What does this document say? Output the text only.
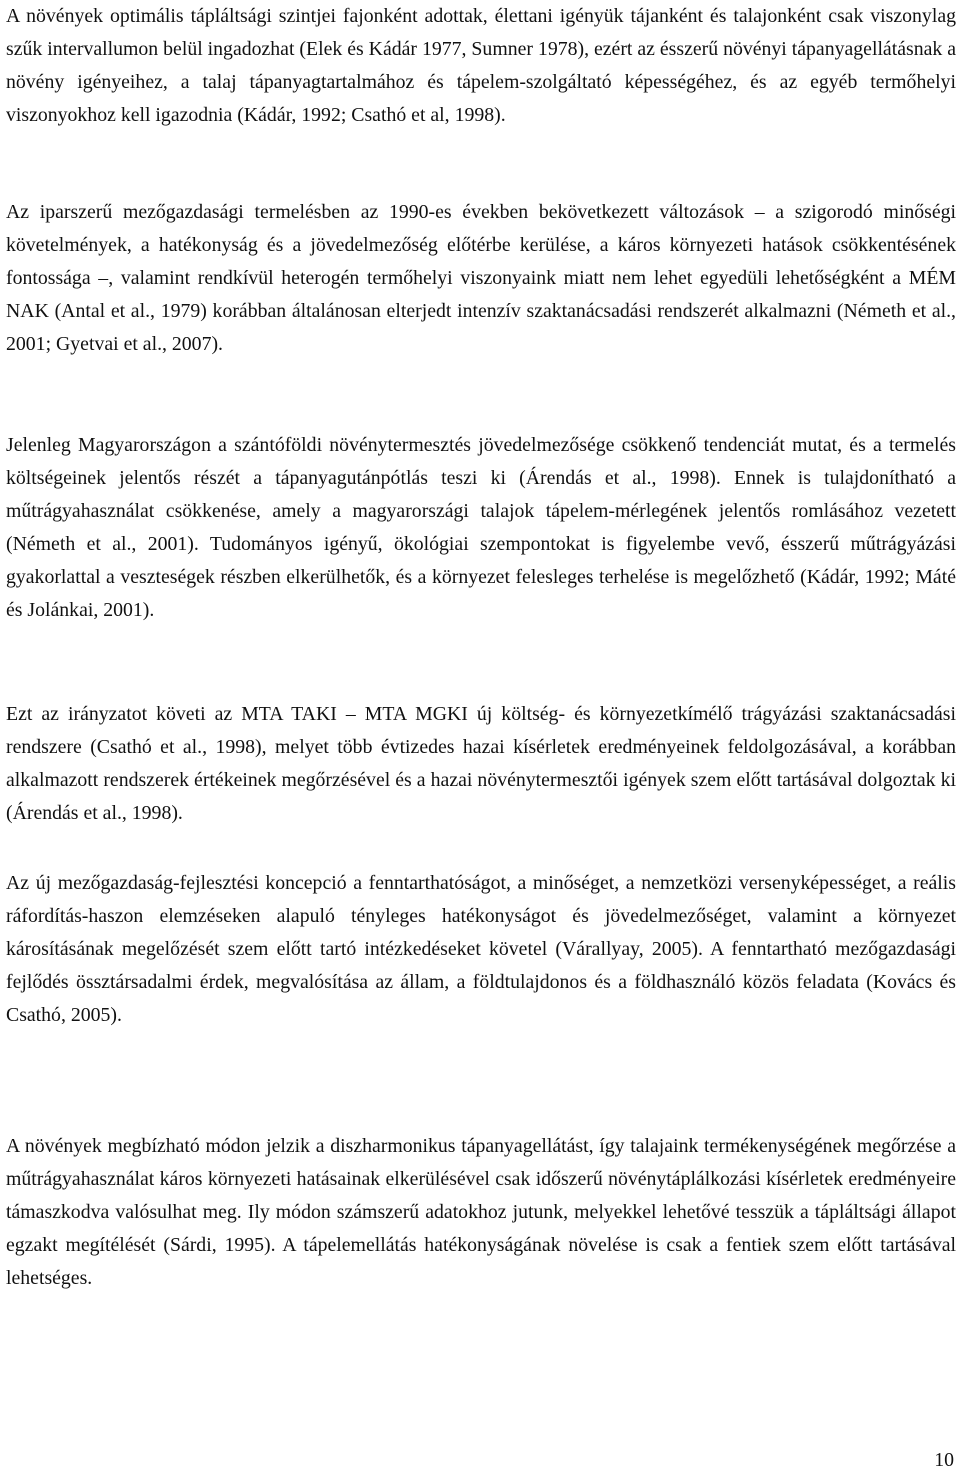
A növények optimális tápláltsági szintjei fajonként adottak, élettani igényük tájanként és talajonként csak viszonylag szűk intervallumon belül ingadozhat (Elek és Kádár 1977, Sumner 1978), ezért az ésszerű növényi tápanyagellátásnak a növény igényeihez, a talaj tápanyagtartalmához és tápelem-szolgáltató képességéhez, és az egyéb termőhelyi viszonyokhoz kell igazodnia (Kádár, 1992; Csathó et al, 1998).

Az iparszerű mezőgazdasági termelésben az 1990-es években bekövetkezett változások – a szigorodó minőségi követelmények, a hatékonyság és a jövedelmezőség előtérbe kerülése, a káros környezeti hatások csökkentésének fontossága –, valamint rendkívül heterogén termőhelyi viszonyaink miatt nem lehet egyedüli lehetőségként a MÉM NAK (Antal et al., 1979) korábban általánosan elterjedt intenzív szaktanácsadási rendszerét alkalmazni (Németh et al., 2001; Gyetvai et al., 2007).

Jelenleg Magyarországon a szántóföldi növénytermesztés jövedelmezősége csökkenő tendenciát mutat, és a termelés költségeinek jelentős részét a tápanyagutánpótlás teszi ki (Árendás et al., 1998). Ennek is tulajdonítható a műtrágyahasználat csökkenése, amely a magyarországi talajok tápelem-mérlegének jelentős romlásához vezetett (Németh et al., 2001). Tudományos igényű, ökológiai szempontokat is figyelembe vevő, ésszerű műtrágyázási gyakorlattal a veszteségek részben elkerülhetők, és a környezet felesleges terhelése is megelőzhető (Kádár, 1992; Máté és Jolánkai, 2001).

Ezt az irányzatot követi az MTA TAKI – MTA MGKI új költség- és környezetkímélő trágyázási szaktanácsadási rendszere (Csathó et al., 1998), melyet több évtizedes hazai kísérletek eredményeinek feldolgozásával, a korábban alkalmazott rendszerek értékeinek megőrzésével és a hazai növénytermesztői igények szem előtt tartásával dolgoztak ki (Árendás et al., 1998).

Az új mezőgazdaság-fejlesztési koncepció a fenntarthatóságot, a minőséget, a nemzetközi versenyképességet, a reális ráfordítás-haszon elemzéseken alapuló tényleges hatékonyságot és jövedelmezőséget, valamint a környezet károsításának megelőzését szem előtt tartó intézkedéseket követel (Várallyay, 2005). A fenntartható mezőgazdasági fejlődés össztársadalmi érdek, megvalósítása az állam, a földtulajdonos és a földhasználó közös feladata (Kovács és Csathó, 2005).

A növények megbízható módon jelzik a diszharmonikus tápanyagellátást, így talajaink termékenységének megőrzése a műtrágyahasználat káros környezeti hatásainak elkerülésével csak időszerű növénytáplálkozási kísérletek eredményeire támaszkodva valósulhat meg. Ily módon számszerű adatokhoz jutunk, melyekkel lehetővé tesszük a tápláltsági állapot egzakt megítélését (Sárdi, 1995). A tápelemellátás hatékonyságának növelése is csak a fentiek szem előtt tartásával lehetséges.

10
